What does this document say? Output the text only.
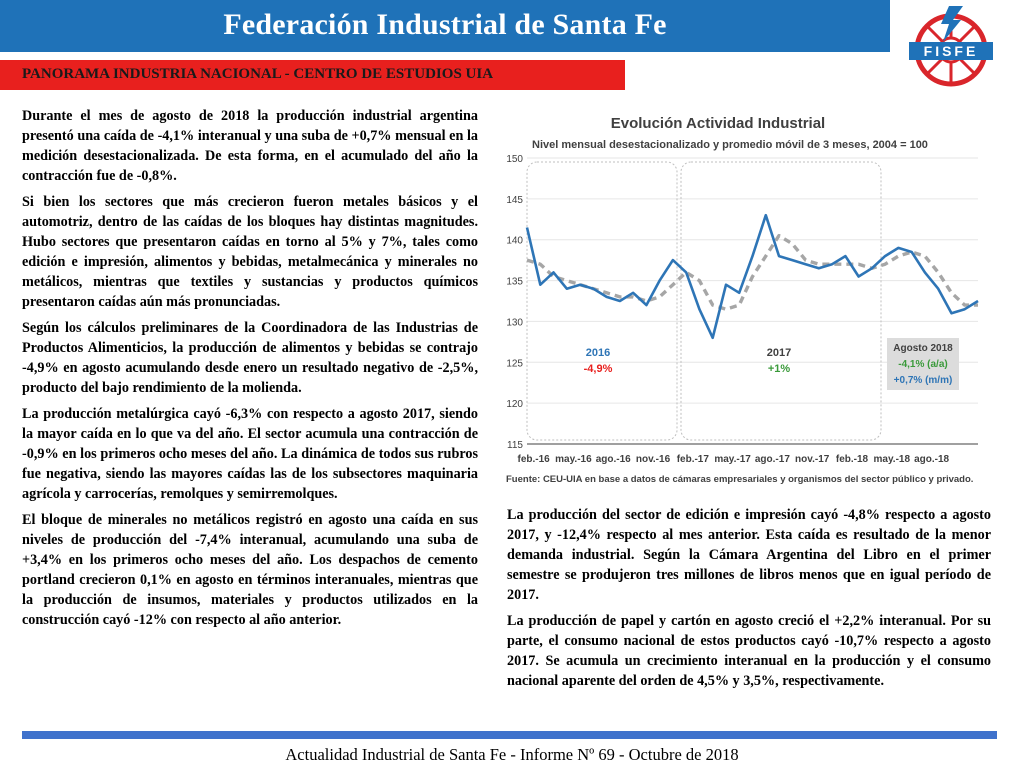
Federación Industrial de Santa Fe
FISFE
PANORAMA INDUSTRIA NACIONAL - CENTRO DE ESTUDIOS UIA

Durante el mes de agosto de 2018 la producción industrial argentina presentó una caída de -4,1% interanual y una suba de +0,7% mensual en la medición desestacionalizada. De esta forma, en el acumulado del año la contracción fue de -0,8%.

Si bien los sectores que más crecieron fueron metales básicos y el automotriz, dentro de las caídas de los bloques hay distintas magnitudes. Hubo sectores que presentaron caídas en torno al 5% y 7%, tales como edición e impresión, alimentos y bebidas, metalmecánica y minerales no metálicos, mientras que textiles y sustancias y productos químicos presentaron caídas aún más pronunciadas.

Según los cálculos preliminares de la Coordinadora de las Industrias de Productos Alimenticios, la producción de alimentos y bebidas se contrajo -4,9% en agosto acumulando desde enero un resultado negativo de -2,5%, producto del bajo rendimiento de la molienda.

La producción metalúrgica cayó -6,3% con respecto a agosto 2017, siendo la mayor caída en lo que va del año. El sector acumula una contracción de -0,9% en los primeros ocho meses del año. La dinámica de todos sus rubros fue negativa, siendo las mayores caídas las de los subsectores maquinaria agrícola y carrocerías, remolques y semirremolques.

El bloque de minerales no metálicos registró en agosto una caída en sus niveles de producción del -7,4% interanual, acumulando una suba de +3,4% en los primeros ocho meses del año. Los despachos de cemento portland crecieron 0,1% en agosto en términos interanuales, mientras que la producción de insumos, materiales y productos utilizados en la construcción cayó -12% con respecto al año anterior.

Evolución Actividad Industrial
Nivel mensual desestacionalizado y promedio móvil de 3 meses, 2004 = 100
115
120
125
130
135
140
145
150
feb.-16 may.-16 ago.-16 nov.-16 feb.-17 may.-17 ago.-17 nov.-17 feb.-18 may.-18 ago.-18
2016
-4,9%
2017
+1%
Agosto 2018
-4,1% (a/a)
+0,7% (m/m)
Fuente: CEU-UIA en base a datos de cámaras empresariales y organismos del sector público y privado.

La producción del sector de edición e impresión cayó -4,8% respecto a agosto 2017, y -12,4% respecto al mes anterior. Esta caída es resultado de la menor demanda industrial. Según la Cámara Argentina del Libro en el primer semestre se produjeron tres millones de libros menos que en igual período de 2017.

La producción de papel y cartón en agosto creció el +2,2% interanual. Por su parte, el consumo nacional de estos productos cayó -10,7% respecto a agosto 2017. Se acumula un crecimiento interanual en la producción y el consumo nacional aparente del orden de 4,5% y 3,5%, respectivamente.

Actualidad Industrial de Santa Fe - Informe Nº 69 - Octubre de 2018
